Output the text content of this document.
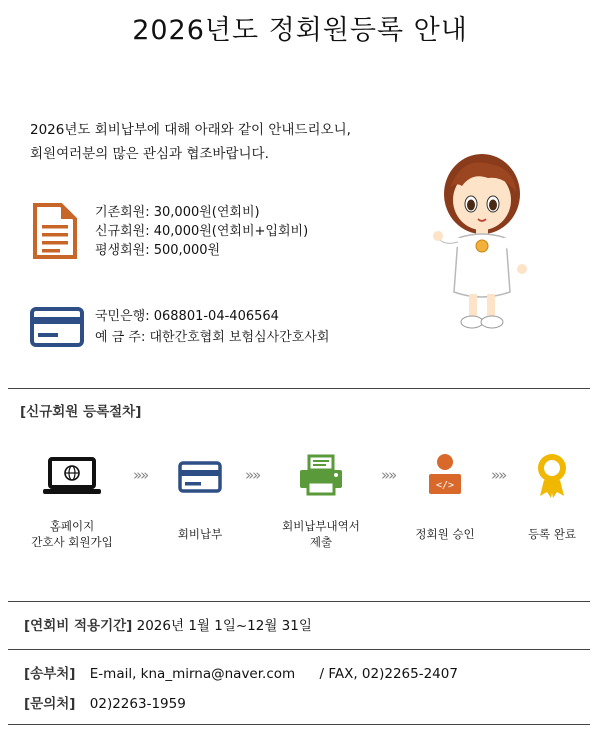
2026년도 정회원등록 안내
2026년도 회비납부에 대해 아래와 같이 안내드리오니,
회원여러분의 많은 관심과 협조바랍니다.
기존회원: 30,000원(연회비)
신규회원: 40,000원(연회비+입회비)
평생회원: 500,000원
국민은행: 068801-04-406564
예 금 주: 대한간호협회 보험심사간호사회
[신규회원 등록절차]
»»	»»	»»
</>
»»
홈페이지
간호사 회원가입
회비납부
회비납부내역서
제출
정회원 승인	등록 완료
[연회비 적용기간] 2026년 1월 1일~12월 31일
[송부처] E-mail, kna_mirna@naver.com / FAX, 02)2265-2407
[문의처] 02)2263-1959
